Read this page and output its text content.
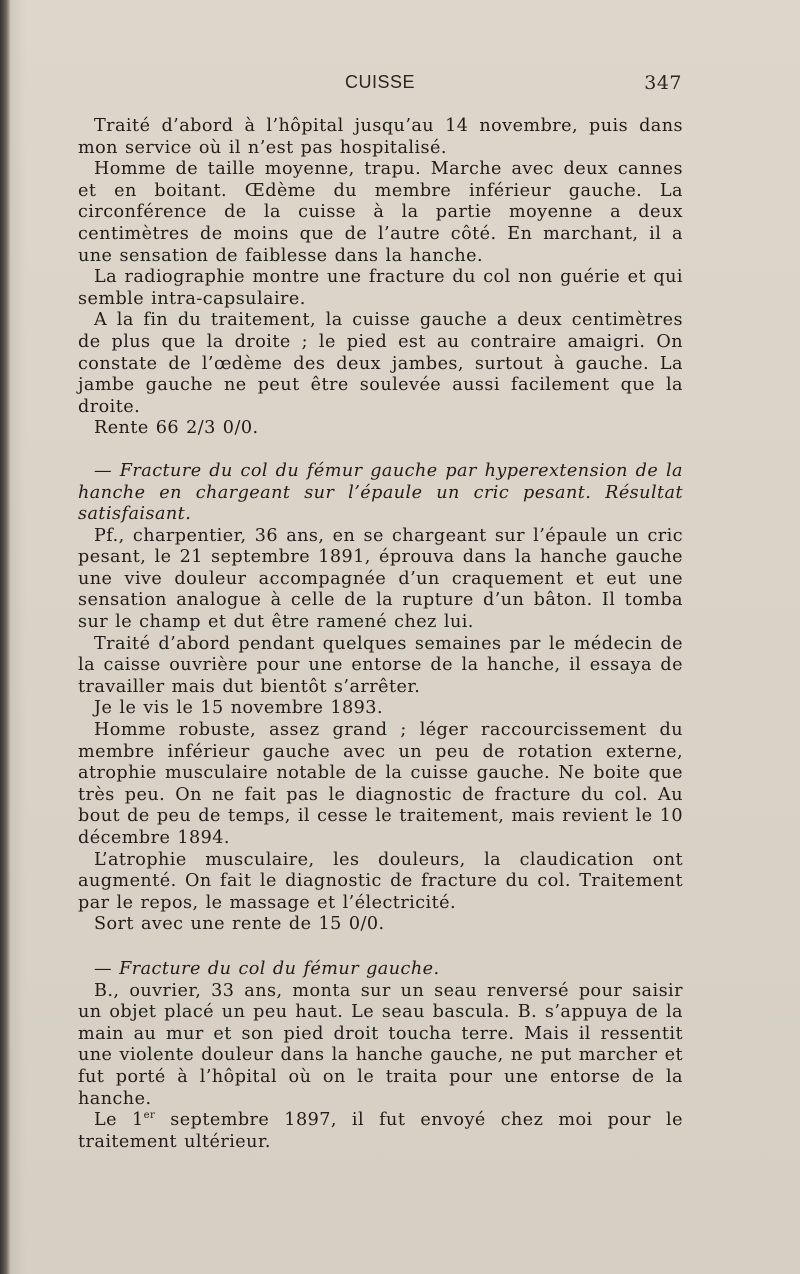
CUISSE	347

Traité d’abord à l’hôpital jusqu’au 14 novembre, puis dans mon service où il n’est pas hospitalisé.

Homme de taille moyenne, trapu. Marche avec deux cannes et en boitant. Œdème du membre inférieur gauche. La circonférence de la cuisse à la partie moyenne a deux centimètres de moins que de l’autre côté. En marchant, il a une sensation de faiblesse dans la hanche.

La radiographie montre une fracture du col non guérie et qui semble intra-capsulaire.

A la fin du traitement, la cuisse gauche a deux centimètres de plus que la droite ; le pied est au contraire amaigri. On constate de l’œdème des deux jambes, surtout à gauche. La jambe gauche ne peut être soulevée aussi facilement que la droite.

Rente 66 2/3 0/0.

— Fracture du col du fémur gauche par hyperextension de la hanche en chargeant sur l’épaule un cric pesant. Résultat satisfaisant.

Pf., charpentier, 36 ans, en se chargeant sur l’épaule un cric pesant, le 21 septembre 1891, éprouva dans la hanche gauche une vive douleur accompagnée d’un craquement et eut une sensation analogue à celle de la rupture d’un bâton. Il tomba sur le champ et dut être ramené chez lui.

Traité d’abord pendant quelques semaines par le médecin de la caisse ouvrière pour une entorse de la hanche, il essaya de travailler mais dut bientôt s’arrêter.

Je le vis le 15 novembre 1893.

Homme robuste, assez grand ; léger raccourcissement du membre inférieur gauche avec un peu de rotation externe, atrophie musculaire notable de la cuisse gauche. Ne boite que très peu. On ne fait pas le diagnostic de fracture du col. Au bout de peu de temps, il cesse le traitement, mais revient le 10 décembre 1894.

L’atrophie musculaire, les douleurs, la claudication ont augmenté. On fait le diagnostic de fracture du col. Traitement par le repos, le massage et l’électricité.

Sort avec une rente de 15 0/0.

— Fracture du col du fémur gauche.

B., ouvrier, 33 ans, monta sur un seau renversé pour saisir un objet placé un peu haut. Le seau bascula. B. s’appuya de la main au mur et son pied droit toucha terre. Mais il ressentit une violente douleur dans la hanche gauche, ne put marcher et fut porté à l’hôpital où on le traita pour une entorse de la hanche.

Le 1er septembre 1897, il fut envoyé chez moi pour le traitement ultérieur.
